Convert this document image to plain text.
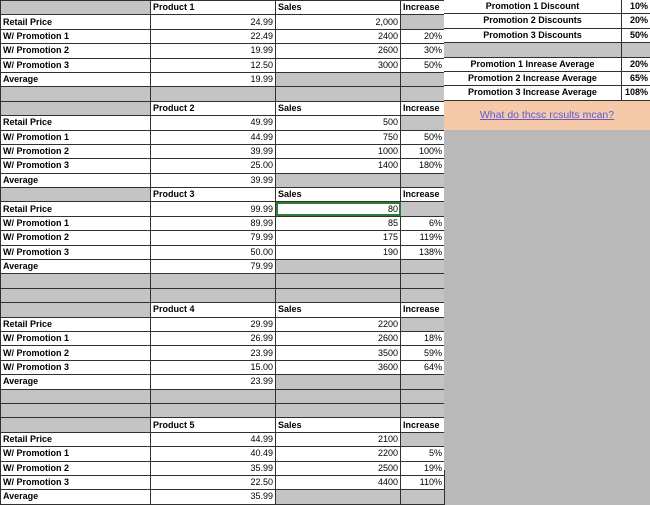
	Product 1	Sales	Increase
Retail Price	24.99	2,000	
W/ Promotion 1	22.49	2400	20%
W/ Promotion 2	19.99	2600	30%
W/ Promotion 3	12.50	3000	50%
Average	19.99		

	Product 2	Sales	Increase
Retail Price	49.99	500	
W/ Promotion 1	44.99	750	50%
W/ Promotion 2	39.99	1000	100%
W/ Promotion 3	25.00	1400	180%
Average	39.99		
	Product 3	Sales	Increase
Retail Price	99.99	80	
W/ Promotion 1	89.99	85	6%
W/ Promotion 2	79.99	175	119%
W/ Promotion 3	50.00	190	138%
Average	79.99		

	Product 4	Sales	Increase
Retail Price	29.99	2200	
W/ Promotion 1	26.99	2600	18%
W/ Promotion 2	23.99	3500	59%
W/ Promotion 3	15.00	3600	64%
Average	23.99		

	Product 5	Sales	Increase
Retail Price	44.99	2100	
W/ Promotion 1	40.49	2200	5%
W/ Promotion 2	35.99	2500	19%
W/ Promotion 3	22.50	4400	110%
Average	35.99		
Promotion 1 Discount	10%
Promotion 2 Discounts	20%
Promotion 3 Discounts	50%
Promotion 1 Inrease Average	20%
Promotion 2 Increase Average	65%
Promotion 3 Increase Average	108%
What do thcsc rcsults mcan?
